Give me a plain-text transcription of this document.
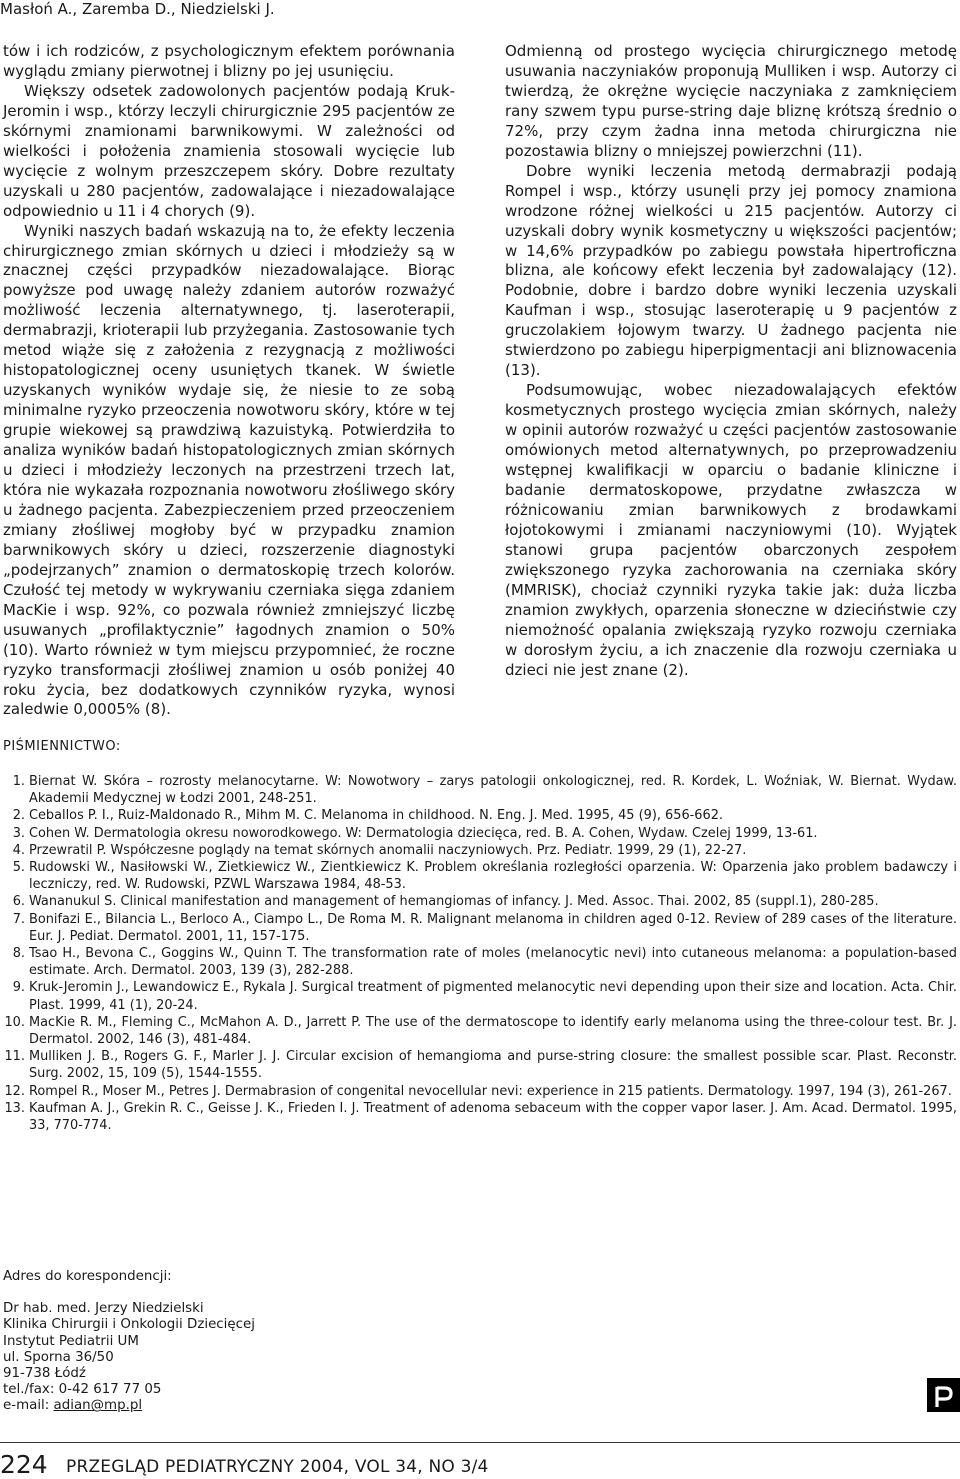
Masłoń A., Zaremba D., Niedzielski J.

tów i ich rodziców, z psychologicznym efektem porównania wyglądu zmiany pierwotnej i blizny po jej usunięciu.

Większy odsetek zadowolonych pacjentów podają Kruk-Jeromin i wsp., którzy leczyli chirurgicznie 295 pacjentów ze skórnymi znamionami barwnikowymi. W zależności od wielkości i położenia znamienia stosowali wycięcie lub wycięcie z wolnym przeszczepem skóry. Dobre rezultaty uzyskali u 280 pacjentów, zadowalające i niezadowalające odpowiednio u 11 i 4 chorych (9).

Wyniki naszych badań wskazują na to, że efekty leczenia chirurgicznego zmian skórnych u dzieci i młodzieży są w znacznej części przypadków niezadowalające. Biorąc powyższe pod uwagę należy zdaniem autorów rozważyć możliwość leczenia alternatywnego, tj. laseroterapii, dermabrazji, krioterapii lub przyżegania. Zastosowanie tych metod wiąże się z założenia z rezygnacją z możliwości histopatologicznej oceny usuniętych tkanek. W świetle uzyskanych wyników wydaje się, że niesie to ze sobą minimalne ryzyko przeoczenia nowotworu skóry, które w tej grupie wiekowej są prawdziwą kazuistyką. Potwierdziła to analiza wyników badań histopatologicznych zmian skórnych u dzieci i młodzieży leczonych na przestrzeni trzech lat, która nie wykazała rozpoznania nowotworu złośliwego skóry u żadnego pacjenta. Zabezpieczeniem przed przeoczeniem zmiany złośliwej mogłoby być w przypadku znamion barwnikowych skóry u dzieci, rozszerzenie diagnostyki „podejrzanych” znamion o dermatoskopię trzech kolorów. Czułość tej metody w wykrywaniu czerniaka sięga zdaniem MacKie i wsp. 92%, co pozwala również zmniejszyć liczbę usuwanych „profilaktycznie” łagodnych znamion o 50% (10). Warto również w tym miejscu przypomnieć, że roczne ryzyko transformacji złośliwej znamion u osób poniżej 40 roku życia, bez dodatkowych czynników ryzyka, wynosi zaledwie 0,0005% (8).

Odmienną od prostego wycięcia chirurgicznego metodę usuwania naczyniaków proponują Mulliken i wsp. Autorzy ci twierdzą, że okrężne wycięcie naczyniaka z zamknięciem rany szwem typu purse-string daje bliznę krótszą średnio o 72%, przy czym żadna inna metoda chirurgiczna nie pozostawia blizny o mniejszej powierzchni (11).

Dobre wyniki leczenia metodą dermabrazji podają Rompel i wsp., którzy usunęli przy jej pomocy znamiona wrodzone różnej wielkości u 215 pacjentów. Autorzy ci uzyskali dobry wynik kosmetyczny u większości pacjentów; w 14,6% przypadków po zabiegu powstała hipertroficzna blizna, ale końcowy efekt leczenia był zadowalający (12). Podobnie, dobre i bardzo dobre wyniki leczenia uzyskali Kaufman i wsp., stosując laseroterapię u 9 pacjentów z gruczolakiem łojowym twarzy. U żadnego pacjenta nie stwierdzono po zabiegu hiperpigmentacji ani bliznowacenia (13).

Podsumowując, wobec niezadowalających efektów kosmetycznych prostego wycięcia zmian skórnych, należy w opinii autorów rozważyć u części pacjentów zastosowanie omówionych metod alternatywnych, po przeprowadzeniu wstępnej kwalifikacji w oparciu o badanie kliniczne i badanie dermatoskopowe, przydatne zwłaszcza w różnicowaniu zmian barwnikowych z brodawkami łojotokowymi i zmianami naczyniowymi (10). Wyjątek stanowi grupa pacjentów obarczonych zespołem zwiększonego ryzyka zachorowania na czerniaka skóry (MMRISK), chociaż czynniki ryzyka takie jak: duża liczba znamion zwykłych, oparzenia słoneczne w dzieciństwie czy niemożność opalania zwiększają ryzyko rozwoju czerniaka w dorosłym życiu, a ich znaczenie dla rozwoju czerniaka u dzieci nie jest znane (2).

PIŚMIENNICTWO:
1. Biernat W. Skóra – rozrosty melanocytarne. W: Nowotwory – zarys patologii onkologicznej, red. R. Kordek, L. Woźniak, W. Biernat. Wydaw. Akademii Medycznej w Łodzi 2001, 248-251.
2. Ceballos P. I., Ruiz-Maldonado R., Mihm M. C. Melanoma in childhood. N. Eng. J. Med. 1995, 45 (9), 656-662.
3. Cohen W. Dermatologia okresu noworodkowego. W: Dermatologia dziecięca, red. B. A. Cohen, Wydaw. Czelej 1999, 13-61.
4. Przewratil P. Współczesne poglądy na temat skórnych anomalii naczyniowych. Prz. Pediatr. 1999, 29 (1), 22-27.
5. Rudowski W., Nasiłowski W., Zietkiewicz W., Zientkiewicz K. Problem określania rozległości oparzenia. W: Oparzenia jako problem badawczy i leczniczy, red. W. Rudowski, PZWL Warszawa 1984, 48-53.
6. Wananukul S. Clinical manifestation and management of hemangiomas of infancy. J. Med. Assoc. Thai. 2002, 85 (suppl.1), 280-285.
7. Bonifazi E., Bilancia L., Berloco A., Ciampo L., De Roma M. R. Malignant melanoma in children aged 0-12. Review of 289 cases of the literature. Eur. J. Pediat. Dermatol. 2001, 11, 157-175.
8. Tsao H., Bevona C., Goggins W., Quinn T. The transformation rate of moles (melanocytic nevi) into cutaneous melanoma: a population-based estimate. Arch. Dermatol. 2003, 139 (3), 282-288.
9. Kruk-Jeromin J., Lewandowicz E., Rykala J. Surgical treatment of pigmented melanocytic nevi depending upon their size and location. Acta. Chir. Plast. 1999, 41 (1), 20-24.
10. MacKie R. M., Fleming C., McMahon A. D., Jarrett P. The use of the dermatoscope to identify early melanoma using the three-colour test. Br. J. Dermatol. 2002, 146 (3), 481-484.
11. Mulliken J. B., Rogers G. F., Marler J. J. Circular excision of hemangioma and purse-string closure: the smallest possible scar. Plast. Reconstr. Surg. 2002, 15, 109 (5), 1544-1555.
12. Rompel R., Moser M., Petres J. Dermabrasion of congenital nevocellular nevi: experience in 215 patients. Dermatology. 1997, 194 (3), 261-267.
13. Kaufman A. J., Grekin R. C., Geisse J. K., Frieden I. J. Treatment of adenoma sebaceum with the copper vapor laser. J. Am. Acad. Dermatol. 1995, 33, 770-774.
Adres do korespondencji:
Dr hab. med. Jerzy Niedzielski
Klinika Chirurgii i Onkologii Dziecięcej
Instytut Pediatrii UM
ul. Sporna 36/50
91-738 Łódź
tel./fax: 0-42 617 77 05
e-mail: adian@mp.pl
224 PRZEGLĄD PEDIATRYCZNY 2004, VOL 34, NO 3/4
